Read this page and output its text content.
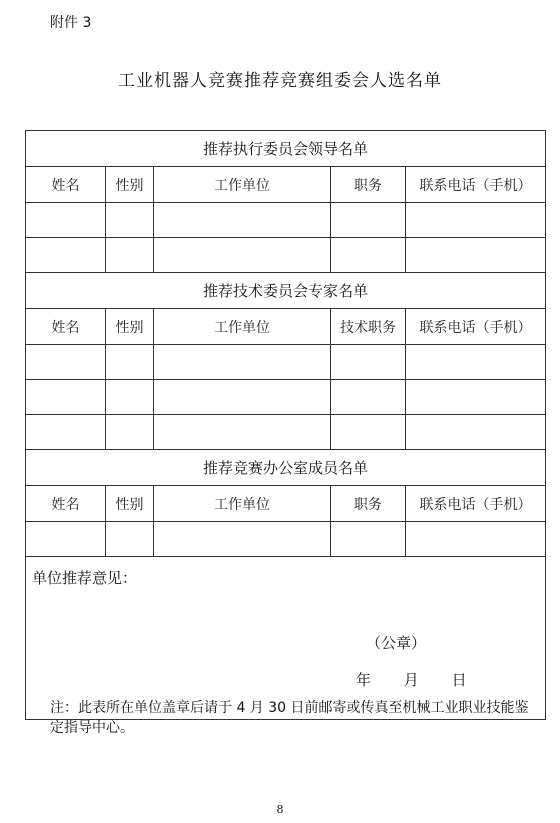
附件 3
工业机器人竞赛推荐竞赛组委会人选名单
推荐执行委员会领导名单				
姓名	性别	工作单位	职务	联系电话（手机）

推荐技术委员会专家名单				
姓名	性别	工作单位	技术职务	联系电话（手机）

推荐竞赛办公室成员名单				
姓名	性别	工作单位	职务	联系电话（手机）

单位推荐意见：
（公章）
年 月 日				
注：此表所在单位盖章后请于 4 月 30 日前邮寄或传真至机械工业职业技能鉴定指导中心。
8
